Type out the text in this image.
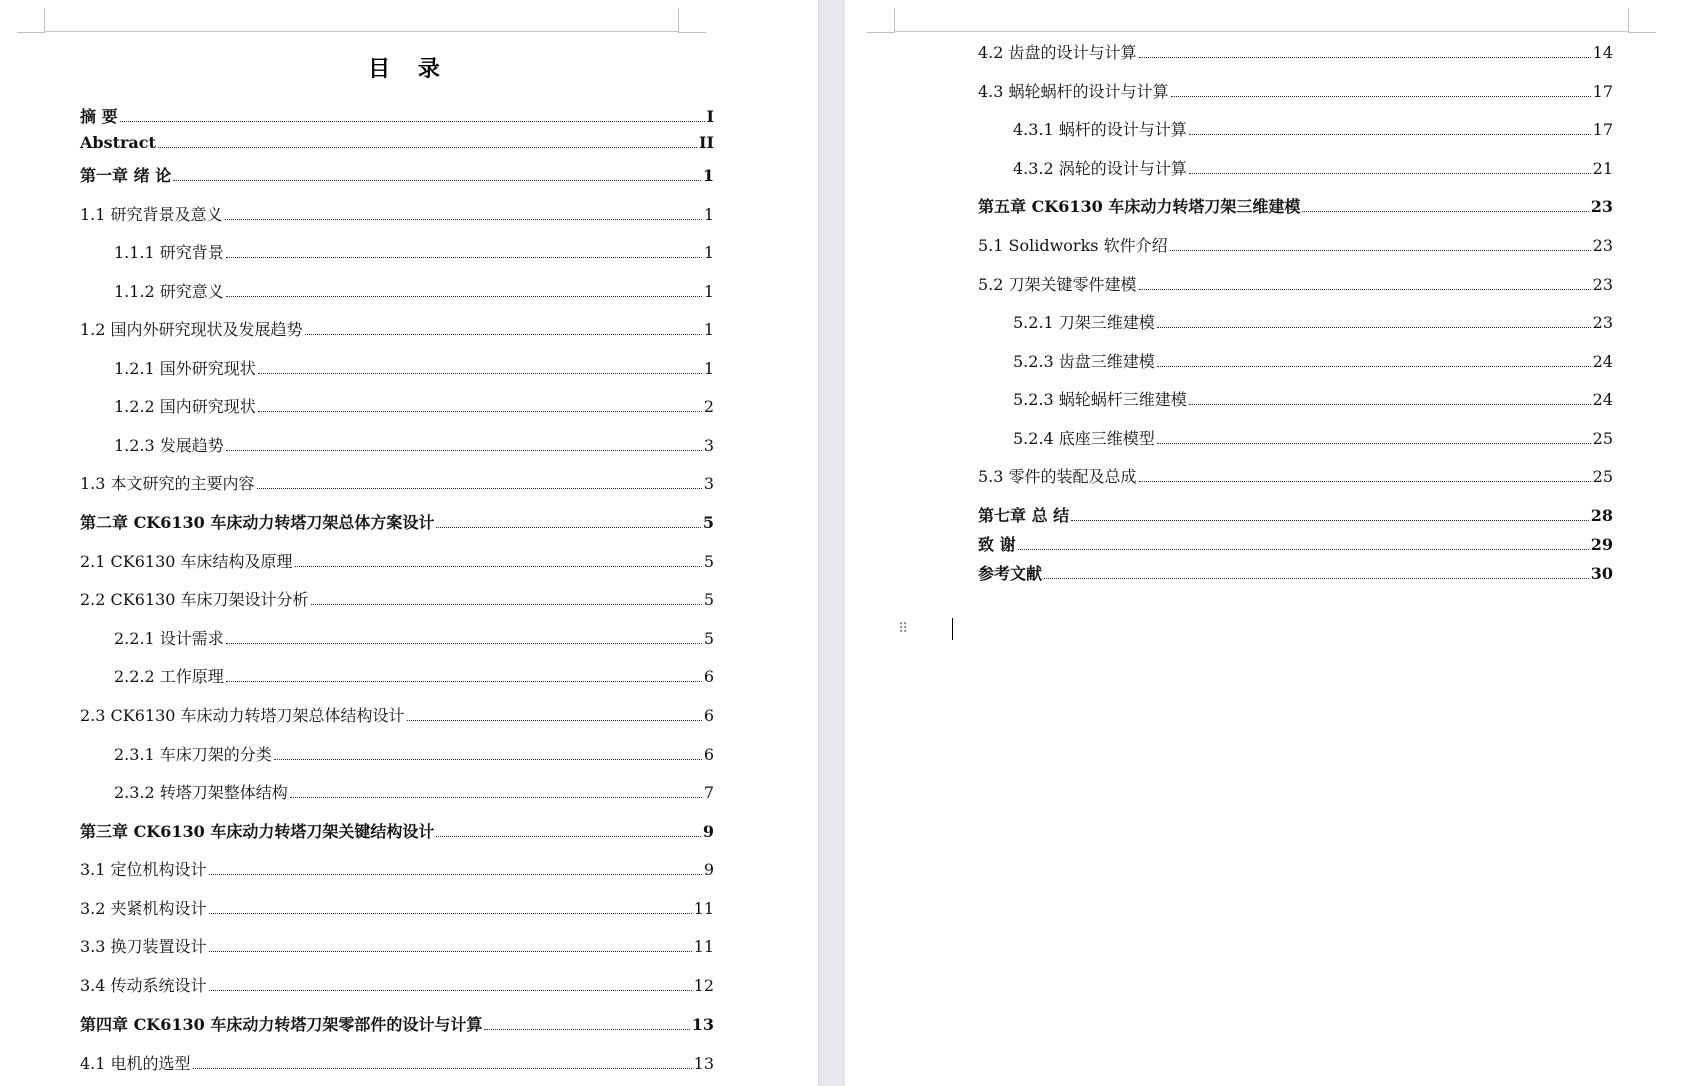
目 录
摘 要	I
Abstract	II
第一章 绪 论	1
1.1 研究背景及意义	1
1.1.1 研究背景	1
1.1.2 研究意义	1
1.2 国内外研究现状及发展趋势	1
1.2.1 国外研究现状	1
1.2.2 国内研究现状	2
1.2.3 发展趋势	3
1.3 本文研究的主要内容	3
第二章 CK6130 车床动力转塔刀架总体方案设计	5
2.1 CK6130 车床结构及原理	5
2.2 CK6130 车床刀架设计分析	5
2.2.1 设计需求	5
2.2.2 工作原理	6
2.3 CK6130 车床动力转塔刀架总体结构设计	6
2.3.1 车床刀架的分类	6
2.3.2 转塔刀架整体结构	7
第三章 CK6130 车床动力转塔刀架关键结构设计	9
3.1 定位机构设计	9
3.2 夹紧机构设计	11
3.3 换刀装置设计	11
3.4 传动系统设计	12
第四章 CK6130 车床动力转塔刀架零部件的设计与计算	13
4.1 电机的选型	13
4.2 齿盘的设计与计算	14
4.3 蜗轮蜗杆的设计与计算	17
4.3.1 蜗杆的设计与计算	17
4.3.2 涡轮的设计与计算	21
第五章 CK6130 车床动力转塔刀架三维建模	23
5.1 Solidworks 软件介绍	23
5.2 刀架关键零件建模	23
5.2.1 刀架三维建模	23
5.2.3 齿盘三维建模	24
5.2.3 蜗轮蜗杆三维建模	24
5.2.4 底座三维模型	25
5.3 零件的装配及总成	25
第七章 总 结	28
致 谢	29
参考文献	30
⠿
